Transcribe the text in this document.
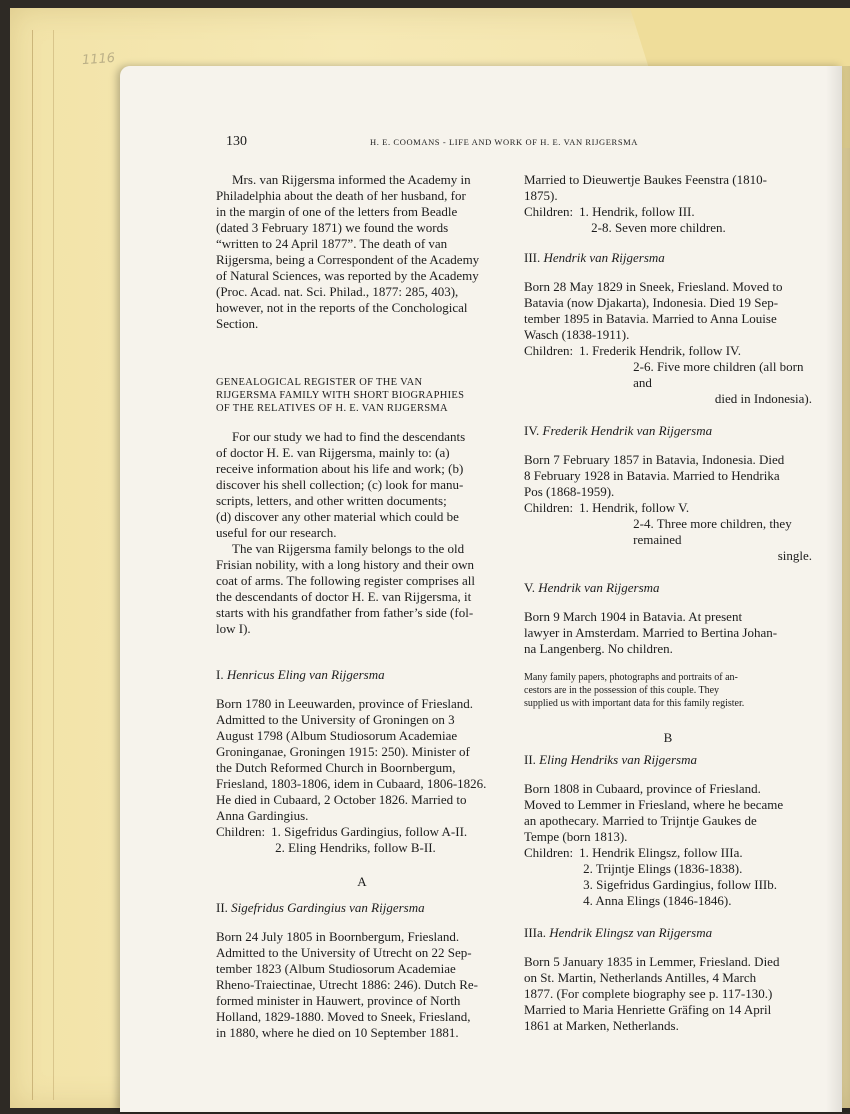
1116
130	H. E. COOMANS - LIFE AND WORK OF H. E. VAN RIJGERSMA

Mrs. van Rijgersma informed the Academy in

Philadelphia about the death of her husband, for

in the margin of one of the letters from Beadle

(dated 3 February 1871) we found the words

“written to 24 April 1877”. The death of van

Rijgersma, being a Correspondent of the Academy

of Natural Sciences, was reported by the Academy

(Proc. Acad. nat. Sci. Philad., 1877: 285, 403),

however, not in the reports of the Conchological

Section.

GENEALOGICAL REGISTER OF THE VAN

RIJGERSMA FAMILY WITH SHORT BIOGRAPHIES

OF THE RELATIVES OF H. E. VAN RIJGERSMA

For our study we had to find the descendants

of doctor H. E. van Rijgersma, mainly to: (a)

receive information about his life and work; (b)

discover his shell collection; (c) look for manu-

scripts, letters, and other written documents;

(d) discover any other material which could be

useful for our research.

The van Rijgersma family belongs to the old

Frisian nobility, with a long history and their own

coat of arms. The following register comprises all

the descendants of doctor H. E. van Rijgersma, it

starts with his grandfather from father’s side (fol-

low I).

I. Henricus Eling van Rijgersma

Born 1780 in Leeuwarden, province of Friesland.

Admitted to the University of Groningen on 3

August 1798 (Album Studiosorum Academiae

Groninganae, Groningen 1915: 250). Minister of

the Dutch Reformed Church in Boornbergum,

Friesland, 1803-1806, idem in Cubaard, 1806-1826.

He died in Cubaard, 2 October 1826. Married to

Anna Gardingius.

Children: 1. Sigefridus Gardingius, follow A-II.
2. Eling Hendriks, follow B-II.

A

II. Sigefridus Gardingius van Rijgersma

Born 24 July 1805 in Boornbergum, Friesland.

Admitted to the University of Utrecht on 22 Sep-

tember 1823 (Album Studiosorum Academiae

Rheno-Traiectinae, Utrecht 1886: 246). Dutch Re-

formed minister in Hauwert, province of North

Holland, 1829-1880. Moved to Sneek, Friesland,

in 1880, where he died on 10 September 1881.

Married to Dieuwertje Baukes Feenstra (1810-

1875).

Children: 1. Hendrik, follow III.
2-8. Seven more children.

III. Hendrik van Rijgersma

Born 28 May 1829 in Sneek, Friesland. Moved to

Batavia (now Djakarta), Indonesia. Died 19 Sep-

tember 1895 in Batavia. Married to Anna Louise

Wasch (1838-1911).

Children: 1. Frederik Hendrik, follow IV.
2-6. Five more children (all born and

died in Indonesia).

IV. Frederik Hendrik van Rijgersma

Born 7 February 1857 in Batavia, Indonesia. Died

8 February 1928 in Batavia. Married to Hendrika

Pos (1868-1959).

Children: 1. Hendrik, follow V.
2-4. Three more children, they remained

single.

V. Hendrik van Rijgersma

Born 9 March 1904 in Batavia. At present

lawyer in Amsterdam. Married to Bertina Johan-

na Langenberg. No children.

Many family papers, photographs and portraits of an-

cestors are in the possession of this couple. They

supplied us with important data for this family register.

B

II. Eling Hendriks van Rijgersma

Born 1808 in Cubaard, province of Friesland.

Moved to Lemmer in Friesland, where he became

an apothecary. Married to Trijntje Gaukes de

Tempe (born 1813).

Children: 1. Hendrik Elingsz, follow IIIa.
2. Trijntje Elings (1836-1838).
3. Sigefridus Gardingius, follow IIIb.
4. Anna Elings (1846-1846).

IIIa. Hendrik Elingsz van Rijgersma

Born 5 January 1835 in Lemmer, Friesland. Died

on St. Martin, Netherlands Antilles, 4 March

1877. (For complete biography see p. 117-130.)

Married to Maria Henriette Gräfing on 14 April

1861 at Marken, Netherlands.
